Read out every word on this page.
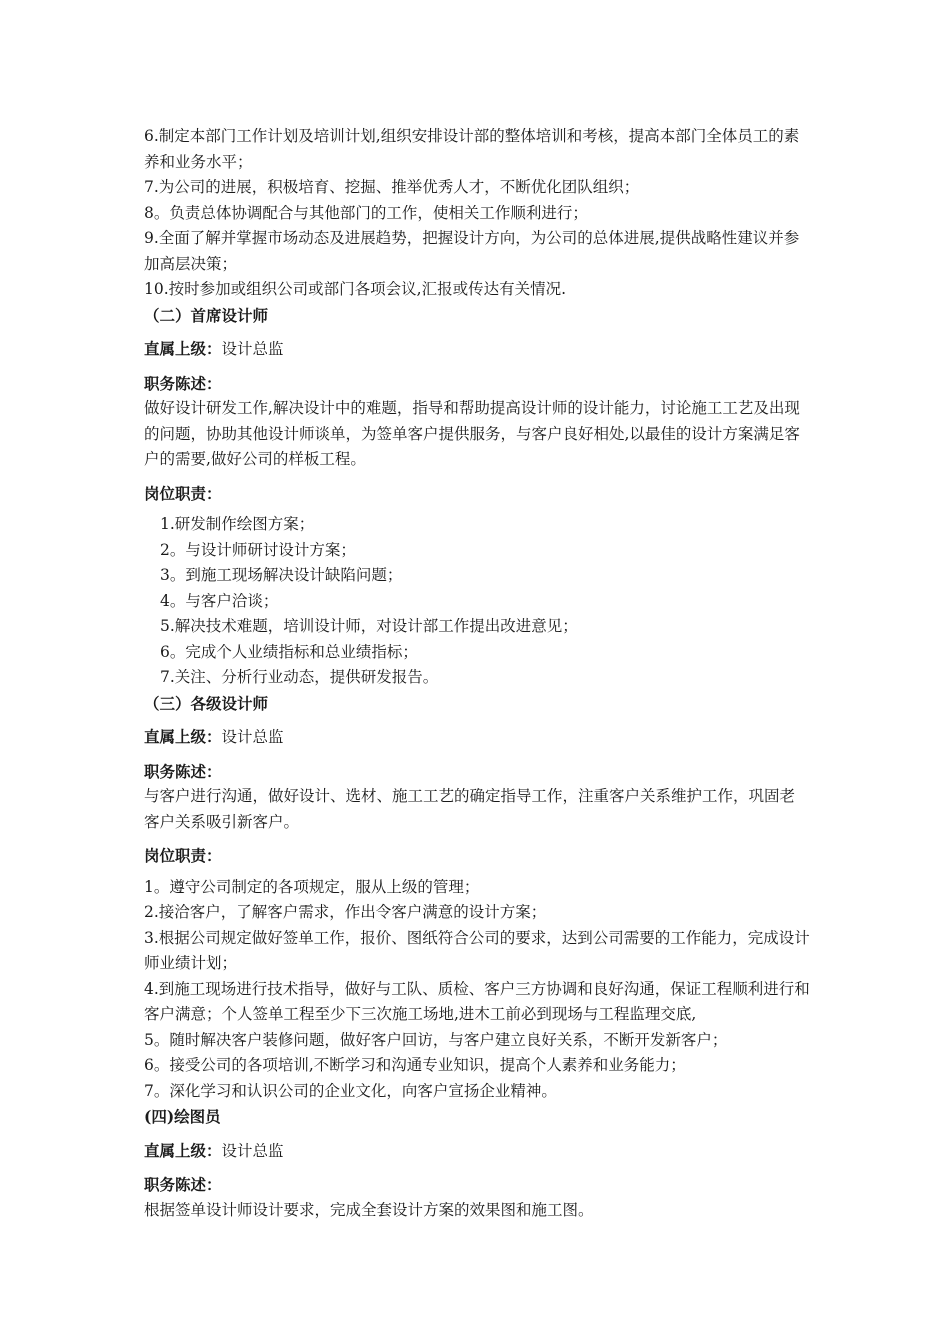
6.制定本部门工作计划及培训计划,组织安排设计部的整体培训和考核，提高本部门全体员工的素养和业务水平；

7.为公司的进展，积极培育、挖掘、推举优秀人才，不断优化团队组织；

8。负责总体协调配合与其他部门的工作，使相关工作顺利进行；

9.全面了解并掌握市场动态及进展趋势，把握设计方向，为公司的总体进展,提供战略性建议并参加高层决策；

10.按时参加或组织公司或部门各项会议,汇报或传达有关情况.

（二）首席设计师

直属上级：设计总监

职务陈述：

做好设计研发工作,解决设计中的难题，指导和帮助提高设计师的设计能力，讨论施工工艺及出现的问题，协助其他设计师谈单，为签单客户提供服务，与客户良好相处,以最佳的设计方案满足客户的需要,做好公司的样板工程。

岗位职责：

1.研发制作绘图方案；

2。与设计师研讨设计方案；

3。到施工现场解决设计缺陷问题；

4。与客户洽谈；

5.解决技术难题，培训设计师，对设计部工作提出改进意见；

6。完成个人业绩指标和总业绩指标；

7.关注、分析行业动态，提供研发报告。

（三）各级设计师

直属上级：设计总监

职务陈述：

与客户进行沟通，做好设计、选材、施工工艺的确定指导工作，注重客户关系维护工作，巩固老客户关系吸引新客户。

岗位职责：

1。遵守公司制定的各项规定，服从上级的管理；

2.接洽客户，了解客户需求，作出令客户满意的设计方案；

3.根据公司规定做好签单工作，报价、图纸符合公司的要求，达到公司需要的工作能力，完成设计师业绩计划；

4.到施工现场进行技术指导，做好与工队、质检、客户三方协调和良好沟通，保证工程顺利进行和客户满意；个人签单工程至少下三次施工场地,进木工前必到现场与工程监理交底,

5。随时解决客户装修问题，做好客户回访，与客户建立良好关系，不断开发新客户；

6。接受公司的各项培训,不断学习和沟通专业知识，提高个人素养和业务能力；

7。深化学习和认识公司的企业文化，向客户宣扬企业精神。

(四)绘图员

直属上级：设计总监

职务陈述：

根据签单设计师设计要求，完成全套设计方案的效果图和施工图。
